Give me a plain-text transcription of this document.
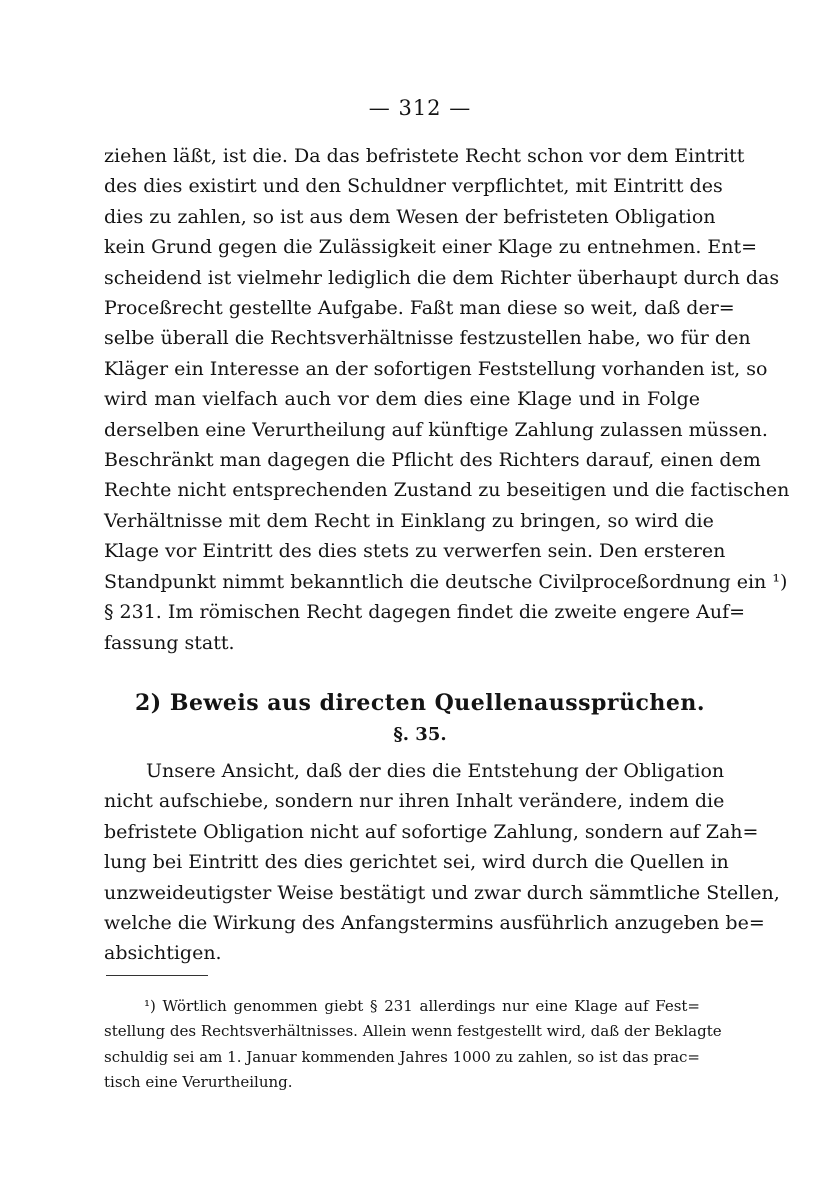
— 312 —
ziehen läßt, ist die. Da das befristete Recht schon vor dem Eintritt
des dies existirt und den Schuldner verpflichtet, mit Eintritt des
dies zu zahlen, so ist aus dem Wesen der befristeten Obligation
kein Grund gegen die Zulässigkeit einer Klage zu entnehmen. Ent=
scheidend ist vielmehr lediglich die dem Richter überhaupt durch das
Proceßrecht gestellte Aufgabe. Faßt man diese so weit, daß der=
selbe überall die Rechtsverhältnisse festzustellen habe, wo für den
Kläger ein Interesse an der sofortigen Feststellung vorhanden ist, so
wird man vielfach auch vor dem dies eine Klage und in Folge
derselben eine Verurtheilung auf künftige Zahlung zulassen müssen.
Beschränkt man dagegen die Pflicht des Richters darauf, einen dem
Rechte nicht entsprechenden Zustand zu beseitigen und die factischen
Verhältnisse mit dem Recht in Einklang zu bringen, so wird die
Klage vor Eintritt des dies stets zu verwerfen sein. Den ersteren
Standpunkt nimmt bekanntlich die deutsche Civilproceßordnung ein ¹)
§ 231. Im römischen Recht dagegen findet die zweite engere Auf=
fassung statt.
2) Beweis aus directen Quellenaussprüchen.
§. 35.
Unsere Ansicht, daß der dies die Entstehung der Obligation
nicht aufschiebe, sondern nur ihren Inhalt verändere, indem die
befristete Obligation nicht auf sofortige Zahlung, sondern auf Zah=
lung bei Eintritt des dies gerichtet sei, wird durch die Quellen in
unzweideutigster Weise bestätigt und zwar durch sämmtliche Stellen,
welche die Wirkung des Anfangstermins ausführlich anzugeben be=
absichtigen.
¹) Wörtlich genommen giebt § 231 allerdings nur eine Klage auf Fest=
stellung des Rechtsverhältnisses. Allein wenn festgestellt wird, daß der Beklagte
schuldig sei am 1. Januar kommenden Jahres 1000 zu zahlen, so ist das prac=
tisch eine Verurtheilung.
